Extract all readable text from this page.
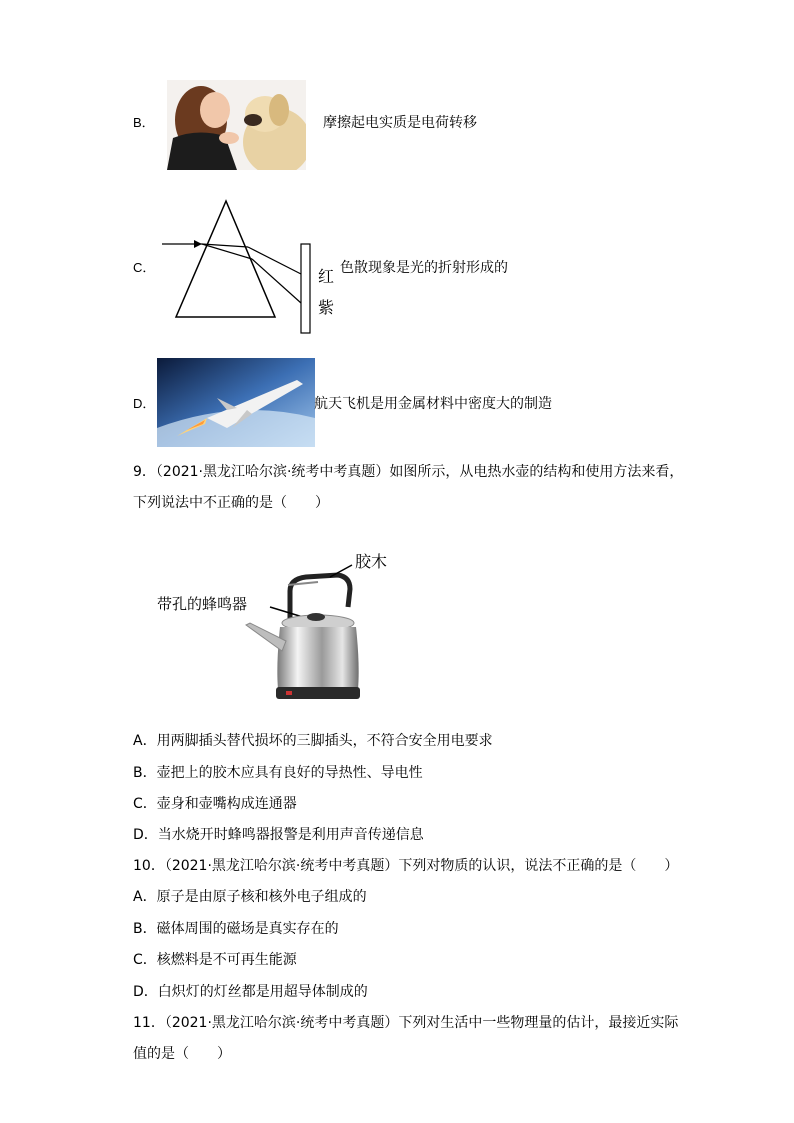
B．	摩擦起电实质是电荷转移
C．	红
紫
色散现象是光的折射形成的
D．	航天飞机是用金属材料中密度大的制造
9．（2021·黑龙江哈尔滨·统考中考真题）如图所示，从电热水壶的结构和使用方法来看，
下列说法中不正确的是（　　）
胶木
带孔的蜂鸣器
A．用两脚插头替代损坏的三脚插头，不符合安全用电要求
B．壶把上的胶木应具有良好的导热性、导电性
C．壶身和壶嘴构成连通器
D．当水烧开时蜂鸣器报警是利用声音传递信息
10．（2021·黑龙江哈尔滨·统考中考真题）下列对物质的认识，说法不正确的是（　　）
A．原子是由原子核和核外电子组成的
B．磁体周围的磁场是真实存在的
C．核燃料是不可再生能源
D．白炽灯的灯丝都是用超导体制成的
11．（2021·黑龙江哈尔滨·统考中考真题）下列对生活中一些物理量的估计，最接近实际
值的是（　　）
